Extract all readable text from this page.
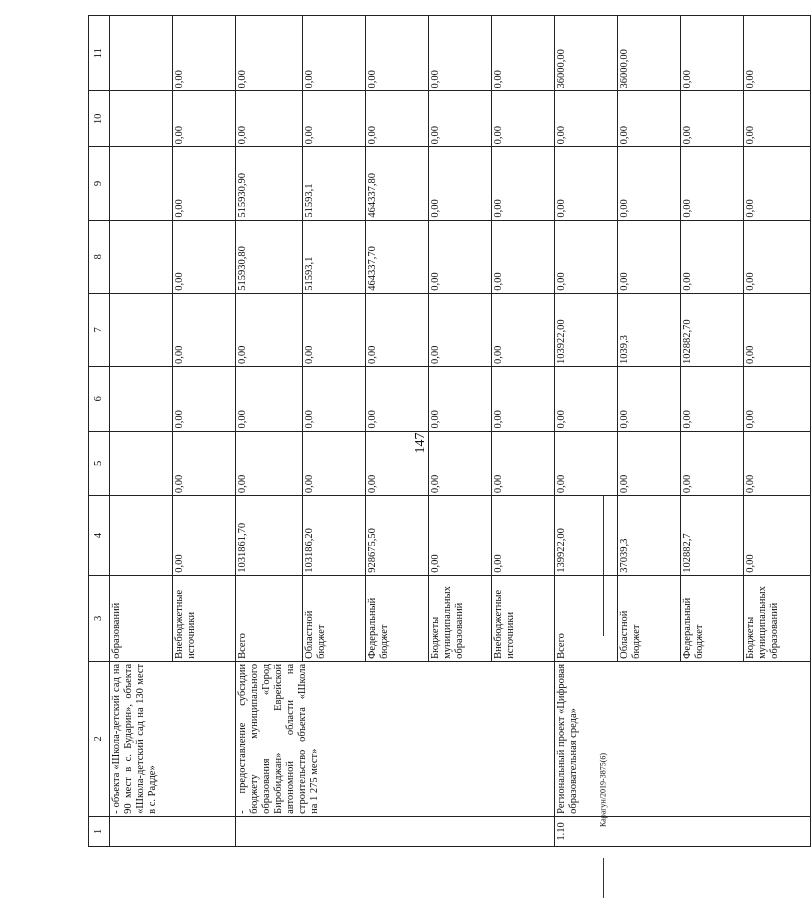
147
Карагун/2019-3875(6)
1	2	3	4	5	6	7	8	9	10	11
	- объекта «Школа-детский сад на 90 мест в с. Бударин», объекта «Школа-детский сад на 130 мест в с. Радде»	образований								
		Внебюджетные источники	0,00	0,00	0,00	0,00	0,00	0,00	0,00	0,00
	- предоставление субсидии бюджету муниципального образования «Город Биробиджан» Еврейской автономной области на строительство объекта «Школа на 1 275 мест»	Всего	1031861,70	0,00	0,00	0,00	515930,80	515930,90	0,00	0,00
		Областной бюджет	103186,20	0,00	0,00	0,00	51593,1	51593,1	0,00	0,00
		Федеральный бюджет	928675,50	0,00	0,00	0,00	464337,70	464337,80	0,00	0,00
		Бюджеты муниципальных образований	0,00	0,00	0,00	0,00	0,00	0,00	0,00	0,00
		Внебюджетные источники	0,00	0,00	0,00	0,00	0,00	0,00	0,00	0,00
1.10	Региональный проект «Цифровая образовательная среда»	Всего	139922,00	0,00	0,00	103922,00	0,00	0,00	0,00	36000,00
		Областной бюджет	37039,3	0,00	0,00	1039,3	0,00	0,00	0,00	36000,00
		Федеральный бюджет	102882,7	0,00	0,00	102882,70	0,00	0,00	0,00	0,00
		Бюджеты муниципальных образований	0,00	0,00	0,00	0,00	0,00	0,00	0,00	0,00
